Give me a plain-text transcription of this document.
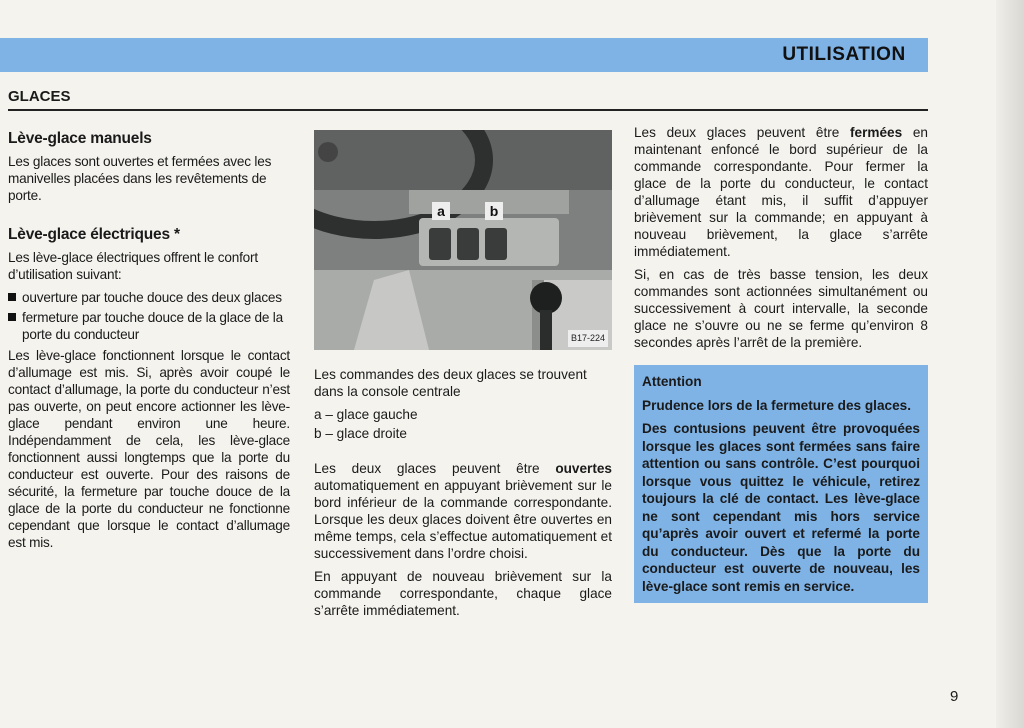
UTILISATION
GLACES
Lève-glace manuels

Les glaces sont ouvertes et fermées avec les manivelles placées dans les revêtements de porte.

Lève-glace électriques *

Les lève-glace électriques offrent le confort d’utilisation suivant:

ouverture par touche douce des deux glaces
fermeture par touche douce de la glace de la porte du conducteur

Les lève-glace fonctionnent lorsque le contact d’allumage est mis. Si, après avoir coupé le contact d’allumage, la porte du conducteur n’est pas ouverte, on peut encore actionner les lève-glace pendant environ une heure. Indépendamment de cela, les lève-glace fonctionnent aussi longtemps que la porte du conducteur est ouverte. Pour des raisons de sécurité, la fermeture par touche douce de la glace de la porte du conducteur ne fonctionne cependant que lorsque le contact d’allumage est mis.

a	b
B17-224

Les commandes des deux glaces se trouvent dans la console centrale

a – glace gauche

b – glace droite

Les deux glaces peuvent être ouvertes automatiquement en appuyant brièvement sur le bord inférieur de la commande correspondante. Lorsque les deux glaces doivent être ouvertes en même temps, cela s’effectue automatiquement et successivement dans l’ordre choisi.

En appuyant de nouveau brièvement sur la commande correspondante, chaque glace s’arrête immédiatement.

Les deux glaces peuvent être fermées en maintenant enfoncé le bord supérieur de la commande correspondante. Pour fermer la glace de la porte du conducteur, le contact d’allumage étant mis, il suffit d’appuyer brièvement sur la commande; en appuyant à nouveau brièvement, la glace s’arrête immédiatement.

Si, en cas de très basse tension, les deux commandes sont actionnées simultanément ou successivement à court intervalle, la seconde glace ne s’ouvre ou ne se ferme qu’environ 8 secondes après l’arrêt de la première.

Attention
Prudence lors de la fermeture des glaces.
Des contusions peuvent être provoquées lorsque les glaces sont fermées sans faire attention ou sans contrôle. C’est pourquoi lorsque vous quittez le véhicule, retirez toujours la clé de contact. Les lève-glace ne sont cependant mis hors service qu’après avoir ouvert et refermé la porte du conducteur. Dès que la porte du conducteur est ouverte de nouveau, les lève-glace sont remis en service.
9
